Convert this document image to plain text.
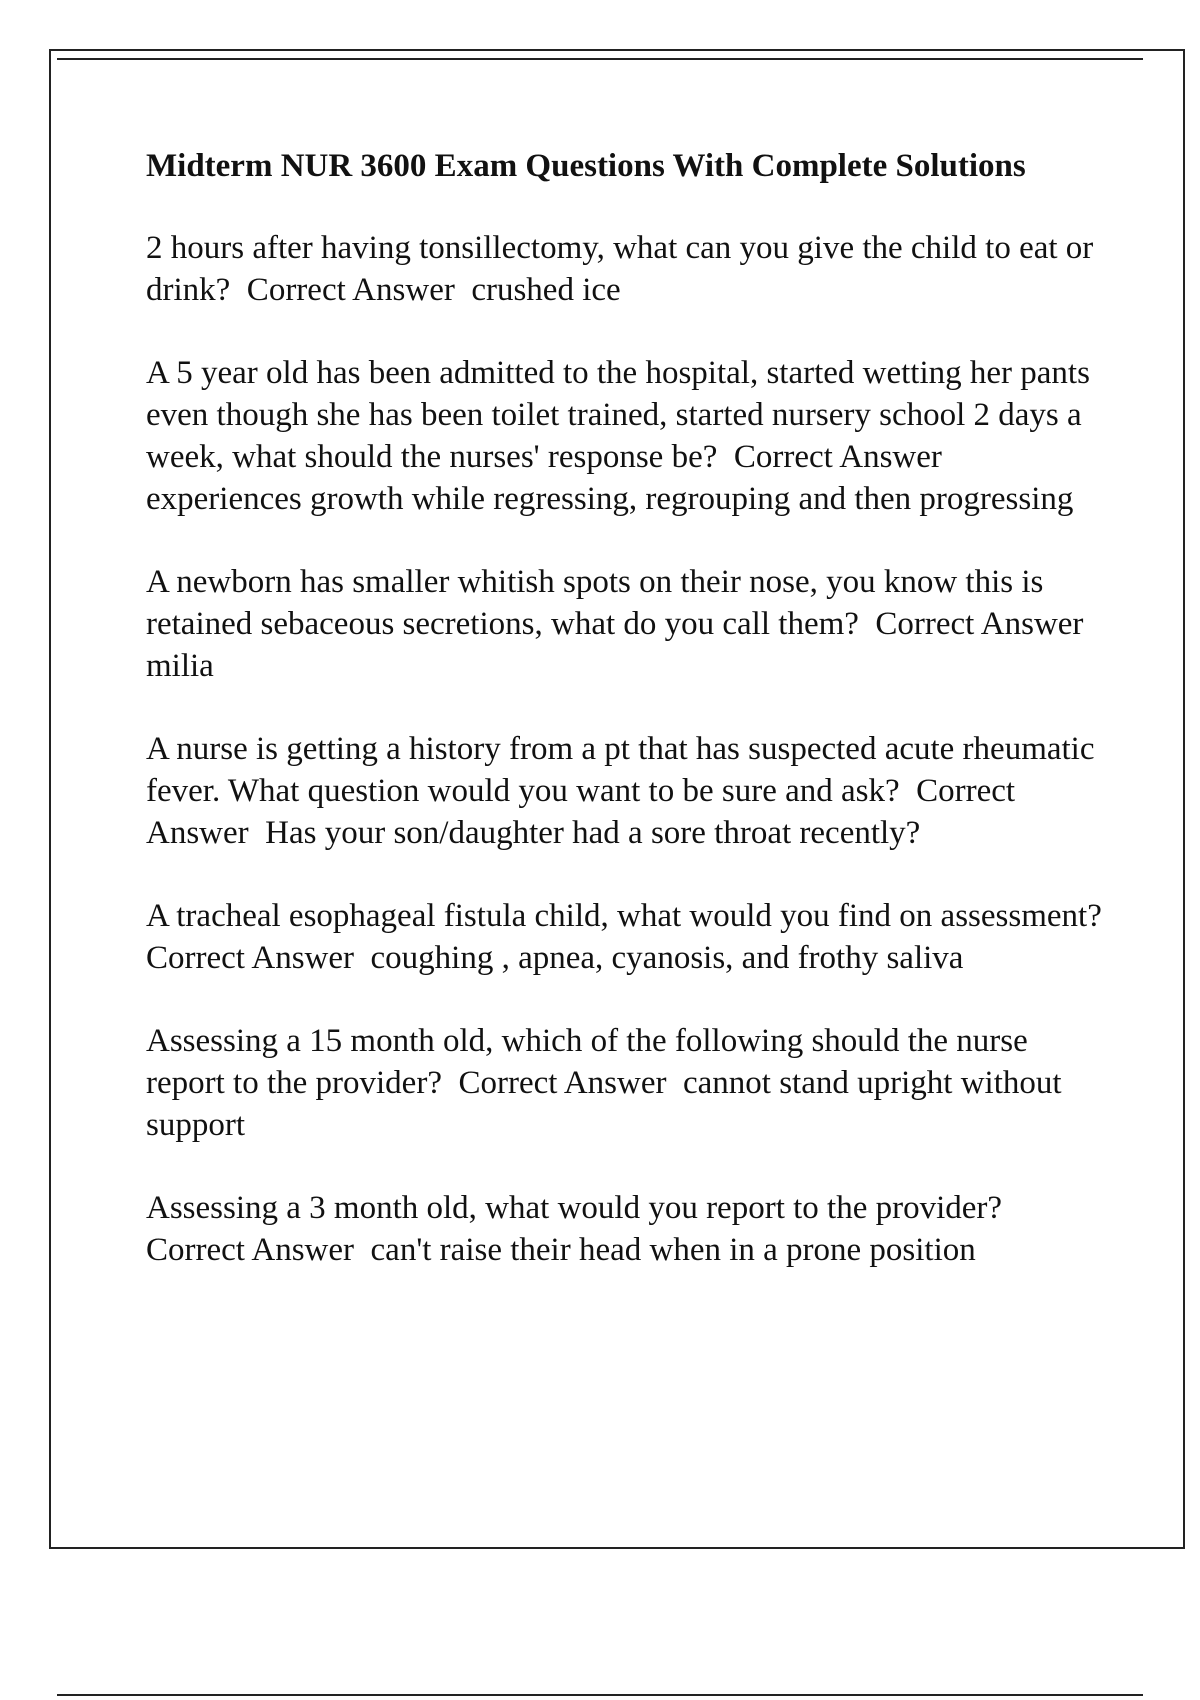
Midterm NUR 3600 Exam Questions With Complete Solutions

2 hours after having tonsillectomy, what can you give the child to eat or drink?  Correct Answer  crushed ice

A 5 year old has been admitted to the hospital, started wetting her pants even though she has been toilet trained, started nursery school 2 days a week, what should the nurses' response be?  Correct Answer  experiences growth while regressing, regrouping and then progressing

A newborn has smaller whitish spots on their nose, you know this is retained sebaceous secretions, what do you call them?  Correct Answer  milia

A nurse is getting a history from a pt that has suspected acute rheumatic fever. What question would you want to be sure and ask?  Correct Answer  Has your son/daughter had a sore throat recently?

A tracheal esophageal fistula child, what would you find on assessment?  Correct Answer  coughing , apnea, cyanosis, and frothy saliva

Assessing a 15 month old, which of the following should the nurse report to the provider?  Correct Answer  cannot stand upright without support

Assessing a 3 month old, what would you report to the provider?  Correct Answer  can't raise their head when in a prone position
